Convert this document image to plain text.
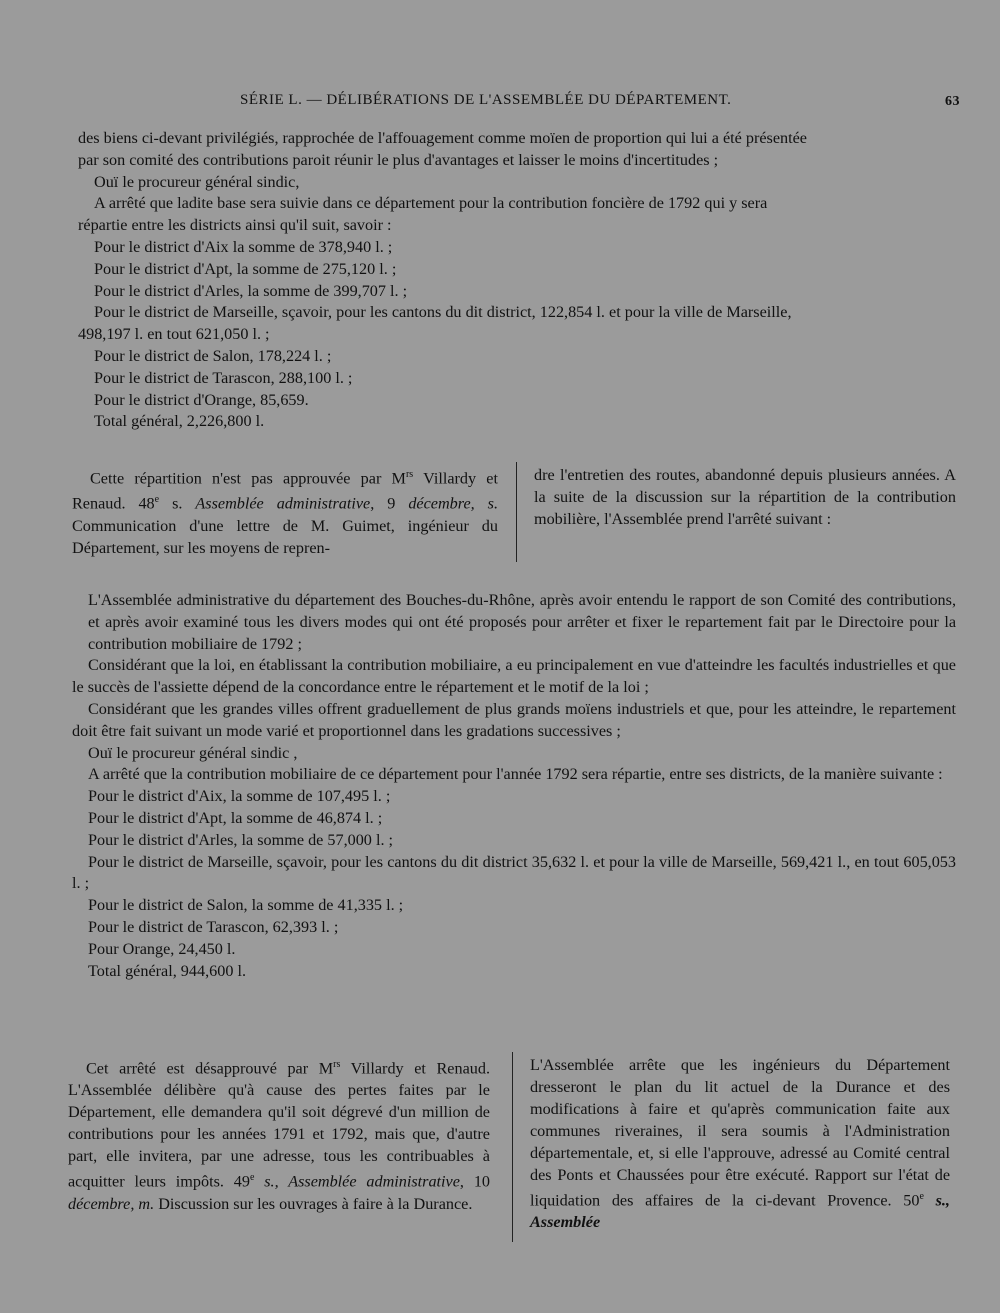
SÉRIE L. — DÉLIBÉRATIONS DE L'ASSEMBLÉE DU DÉPARTEMENT.	63

des biens ci-devant privilégiés, rapprochée de l'affouagement comme moïen de proportion qui lui a été présentée

par son comité des contributions paroit réunir le plus d'avantages et laisser le moins d'incertitudes ;

Ouï le procureur général sindic,

A arrêté que ladite base sera suivie dans ce département pour la contribution foncière de 1792 qui y sera

répartie entre les districts ainsi qu'il suit, savoir :

Pour le district d'Aix la somme de 378,940 l. ;

Pour le district d'Apt, la somme de 275,120 l. ;

Pour le district d'Arles, la somme de 399,707 l. ;

Pour le district de Marseille, sçavoir, pour les cantons du dit district, 122,854 l. et pour la ville de Marseille,

498,197 l. en tout 621,050 l. ;

Pour le district de Salon, 178,224 l. ;

Pour le district de Tarascon, 288,100 l. ;

Pour le district d'Orange, 85,659.

Total général, 2,226,800 l.

Cette répartition n'est pas approuvée par $M^{rs}$ Villardy et Renaud. 48e s. Assemblée administrative, 9 décembre, s. Communication d'une lettre de M. Guimet, ingénieur du Département, sur les moyens de repren-

dre l'entretien des routes, abandonné depuis plusieurs années. A la suite de la discussion sur la répartition de la contribution mobilière, l'Assemblée prend l'arrêté suivant :

L'Assemblée administrative du département des Bouches-du-Rhône, après avoir entendu le rapport de son Comité des contributions, et après avoir examiné tous les divers modes qui ont été proposés pour arrêter et fixer le repartement fait par le Directoire pour la contribution mobiliaire de 1792 ;

Considérant que la loi, en établissant la contribution mobiliaire, a eu principalement en vue d'atteindre les facultés industrielles et que le succès de l'assiette dépend de la concordance entre le répartement et le motif de la loi ;

Considérant que les grandes villes offrent graduellement de plus grands moïens industriels et que, pour les atteindre, le repartement doit être fait suivant un mode varié et proportionnel dans les gradations successives ;

Ouï le procureur général sindic ,

A arrêté que la contribution mobiliaire de ce département pour l'année 1792 sera répartie, entre ses districts, de la manière suivante :

Pour le district d'Aix, la somme de 107,495 l. ;

Pour le district d'Apt, la somme de 46,874 l. ;

Pour le district d'Arles, la somme de 57,000 l. ;

Pour le district de Marseille, sçavoir, pour les cantons du dit district 35,632 l. et pour la ville de Marseille, 569,421 l., en tout 605,053 l. ;

Pour le district de Salon, la somme de 41,335 l. ;

Pour le district de Tarascon, 62,393 l. ;

Pour Orange, 24,450 l.

Total général, 944,600 l.

Cet arrêté est désapprouvé par $M^{rs}$ Villardy et Renaud. L'Assemblée délibère qu'à cause des pertes faites par le Département, elle demandera qu'il soit dégrevé d'un million de contributions pour les années 1791 et 1792, mais que, d'autre part, elle invitera, par une adresse, tous les contribuables à acquitter leurs impôts. 49e s., Assemblée administrative, 10 décembre, m. Discussion sur les ouvrages à faire à la Durance.

L'Assemblée arrête que les ingénieurs du Département dresseront le plan du lit actuel de la Durance et des modifications à faire et qu'après communication faite aux communes riveraines, il sera soumis à l'Administration départementale, et, si elle l'approuve, adressé au Comité central des Ponts et Chaussées pour être exécuté. Rapport sur l'état de liquidation des affaires de la ci-devant Provence. 50e s., Assemblée
